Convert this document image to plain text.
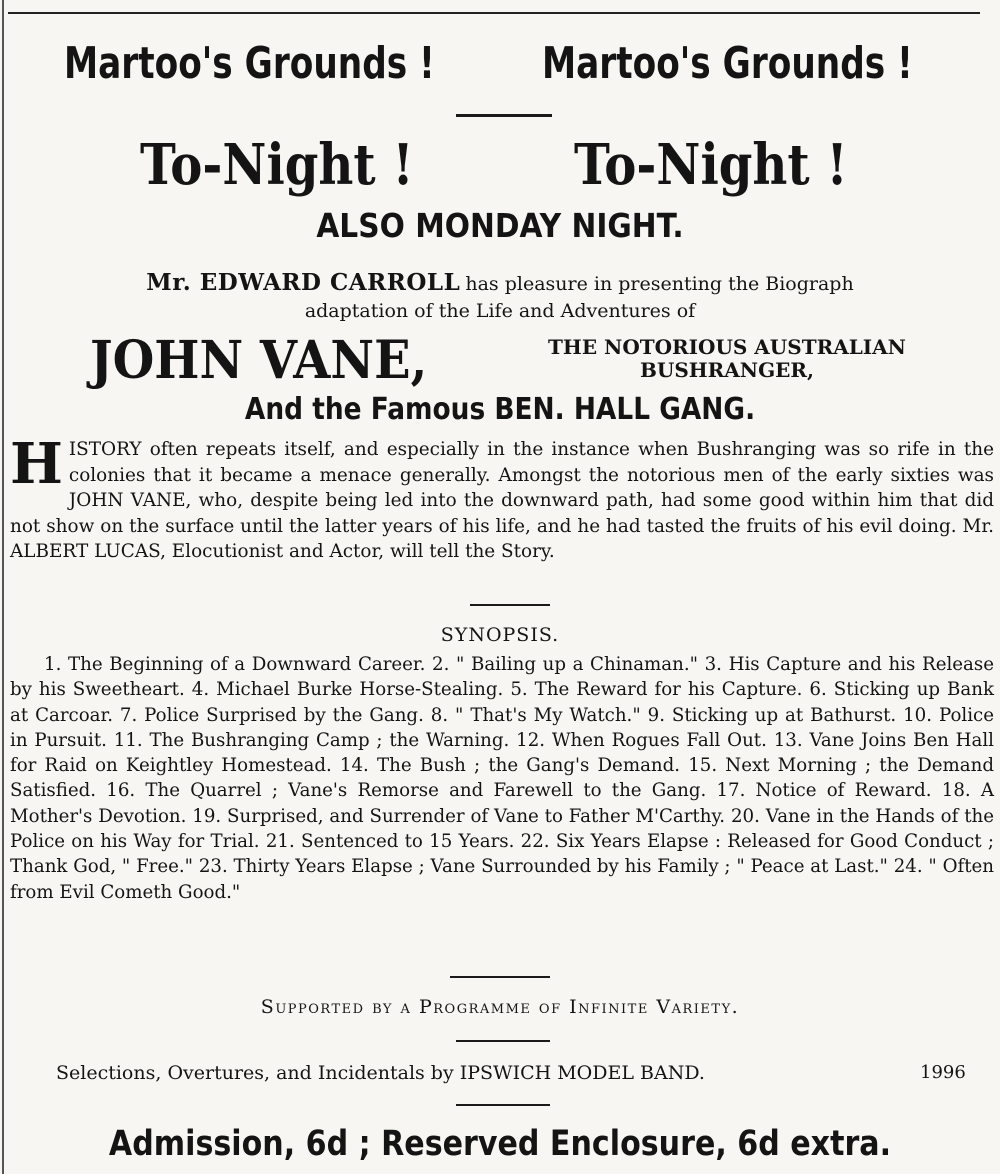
Martoo's Grounds ! Martoo's Grounds !
To-Night !	To-Night !
ALSO MONDAY NIGHT.
Mr. EDWARD CARROLL has pleasure in presenting the Biograph
adaptation of the Life and Adventures of
JOHN VANE,	THE NOTORIOUS AUSTRALIAN
BUSHRANGER,
And the Famous BEN. HALL GANG.
HISTORY often repeats itself, and especially in the instance when Bushranging was so rife in the colonies that it became a menace generally. Amongst the notorious men of the early sixties was JOHN VANE, who, despite being led into the downward path, had some good within him that did not show on the surface until the latter years of his life, and he had tasted the fruits of his evil doing. Mr. ALBERT LUCAS, Elocutionist and Actor, will tell the Story.
SYNOPSIS.
1. The Beginning of a Downward Career. 2. " Bailing up a Chinaman." 3. His Capture and his Release by his Sweetheart. 4. Michael Burke Horse-Stealing. 5. The Reward for his Capture. 6. Sticking up Bank at Carcoar. 7. Police Surprised by the Gang. 8. " That's My Watch." 9. Sticking up at Bathurst. 10. Police in Pursuit. 11. The Bushranging Camp ; the Warning. 12. When Rogues Fall Out. 13. Vane Joins Ben Hall for Raid on Keightley Homestead. 14. The Bush ; the Gang's Demand. 15. Next Morning ; the Demand Satisfied. 16. The Quarrel ; Vane's Remorse and Farewell to the Gang. 17. Notice of Reward. 18. A Mother's Devotion. 19. Surprised, and Surrender of Vane to Father M'Carthy. 20. Vane in the Hands of the Police on his Way for Trial. 21. Sentenced to 15 Years. 22. Six Years Elapse : Released for Good Conduct ; Thank God, " Free." 23. Thirty Years Elapse ; Vane Surrounded by his Family ; " Peace at Last." 24. " Often from Evil Cometh Good."
Supported by a Programme of Infinite Variety.
Selections, Overtures, and Incidentals by IPSWICH MODEL BAND.	1996
Admission, 6d ; Reserved Enclosure, 6d extra.
